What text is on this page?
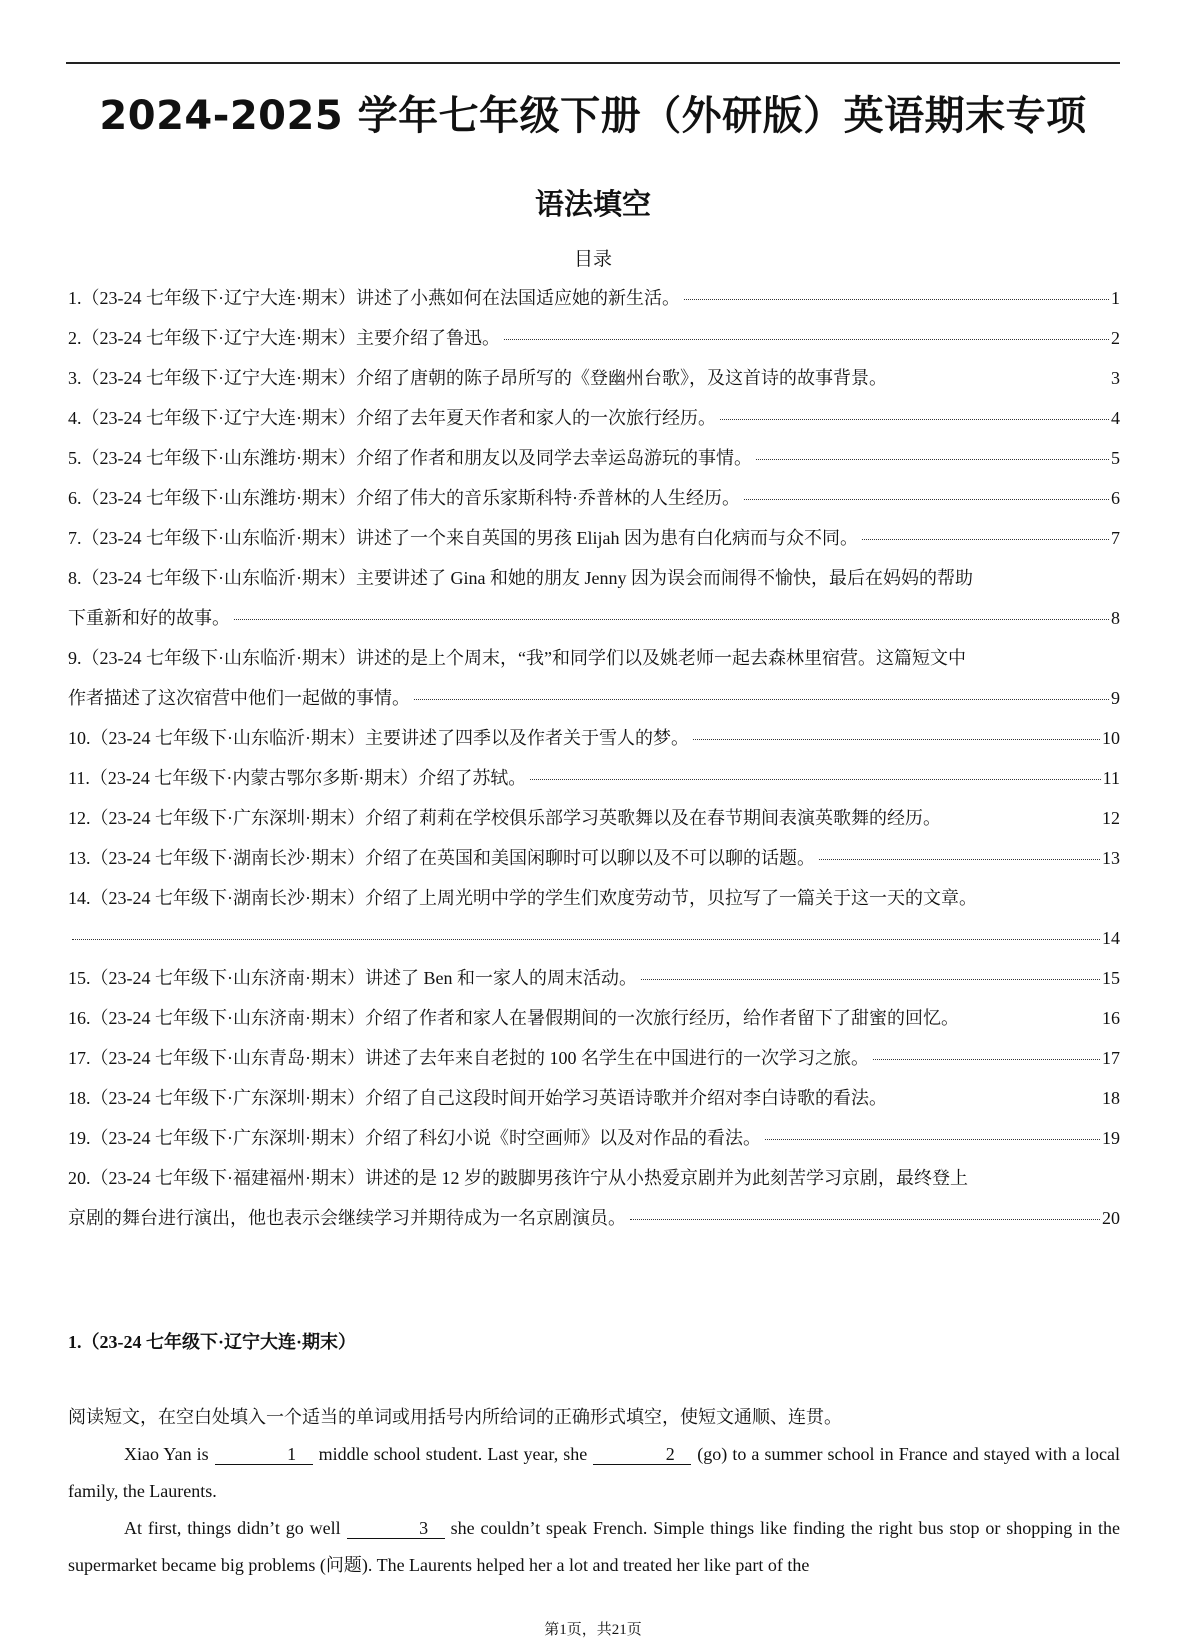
2024-2025 学年七年级下册（外研版）英语期末专项
语法填空
目录
1.（23-24 七年级下·辽宁大连·期末）讲述了小燕如何在法国适应她的新生活。	1
2.（23-24 七年级下·辽宁大连·期末）主要介绍了鲁迅。	2
3.（23-24 七年级下·辽宁大连·期末）介绍了唐朝的陈子昂所写的《登幽州台歌》，及这首诗的故事背景。	3
4.（23-24 七年级下·辽宁大连·期末）介绍了去年夏天作者和家人的一次旅行经历。	4
5.（23-24 七年级下·山东潍坊·期末）介绍了作者和朋友以及同学去幸运岛游玩的事情。	5
6.（23-24 七年级下·山东潍坊·期末）介绍了伟大的音乐家斯科特·乔普林的人生经历。	6
7.（23-24 七年级下·山东临沂·期末）讲述了一个来自英国的男孩 Elijah 因为患有白化病而与众不同。	7
8.（23-24 七年级下·山东临沂·期末）主要讲述了 Gina 和她的朋友 Jenny 因为误会而闹得不愉快，最后在妈妈的帮助
下重新和好的故事。	8
9.（23-24 七年级下·山东临沂·期末）讲述的是上个周末，“我”和同学们以及姚老师一起去森林里宿营。这篇短文中
作者描述了这次宿营中他们一起做的事情。	9
10.（23-24 七年级下·山东临沂·期末）主要讲述了四季以及作者关于雪人的梦。	10
11.（23-24 七年级下·内蒙古鄂尔多斯·期末）介绍了苏轼。	11
12.（23-24 七年级下·广东深圳·期末）介绍了莉莉在学校俱乐部学习英歌舞以及在春节期间表演英歌舞的经历。	12
13.（23-24 七年级下·湖南长沙·期末）介绍了在英国和美国闲聊时可以聊以及不可以聊的话题。	13
14.（23-24 七年级下·湖南长沙·期末）介绍了上周光明中学的学生们欢度劳动节，贝拉写了一篇关于这一天的文章。
14
15.（23-24 七年级下·山东济南·期末）讲述了 Ben 和一家人的周末活动。	15
16.（23-24 七年级下·山东济南·期末）介绍了作者和家人在暑假期间的一次旅行经历，给作者留下了甜蜜的回忆。	16
17.（23-24 七年级下·山东青岛·期末）讲述了去年来自老挝的 100 名学生在中国进行的一次学习之旅。	17
18.（23-24 七年级下·广东深圳·期末）介绍了自己这段时间开始学习英语诗歌并介绍对李白诗歌的看法。	18
19.（23-24 七年级下·广东深圳·期末）介绍了科幻小说《时空画师》以及对作品的看法。	19
20.（23-24 七年级下·福建福州·期末）讲述的是 12 岁的跛脚男孩许宁从小热爱京剧并为此刻苦学习京剧，最终登上
京剧的舞台进行演出，他也表示会继续学习并期待成为一名京剧演员。	20
1.（23-24 七年级下·辽宁大连·期末）
阅读短文，在空白处填入一个适当的单词或用括号内所给词的正确形式填空，使短文通顺、连贯。

Xiao Yan is	1 middle school student. Last year, she	2 (go) to a summer school in France and stayed with a local family, the Laurents.

At first, things didn’t go well	3 she couldn’t speak French. Simple things like finding the right bus stop or shopping in the supermarket became big problems (问题). The Laurents helped her a lot and treated her like part of the

第1页，共21页
